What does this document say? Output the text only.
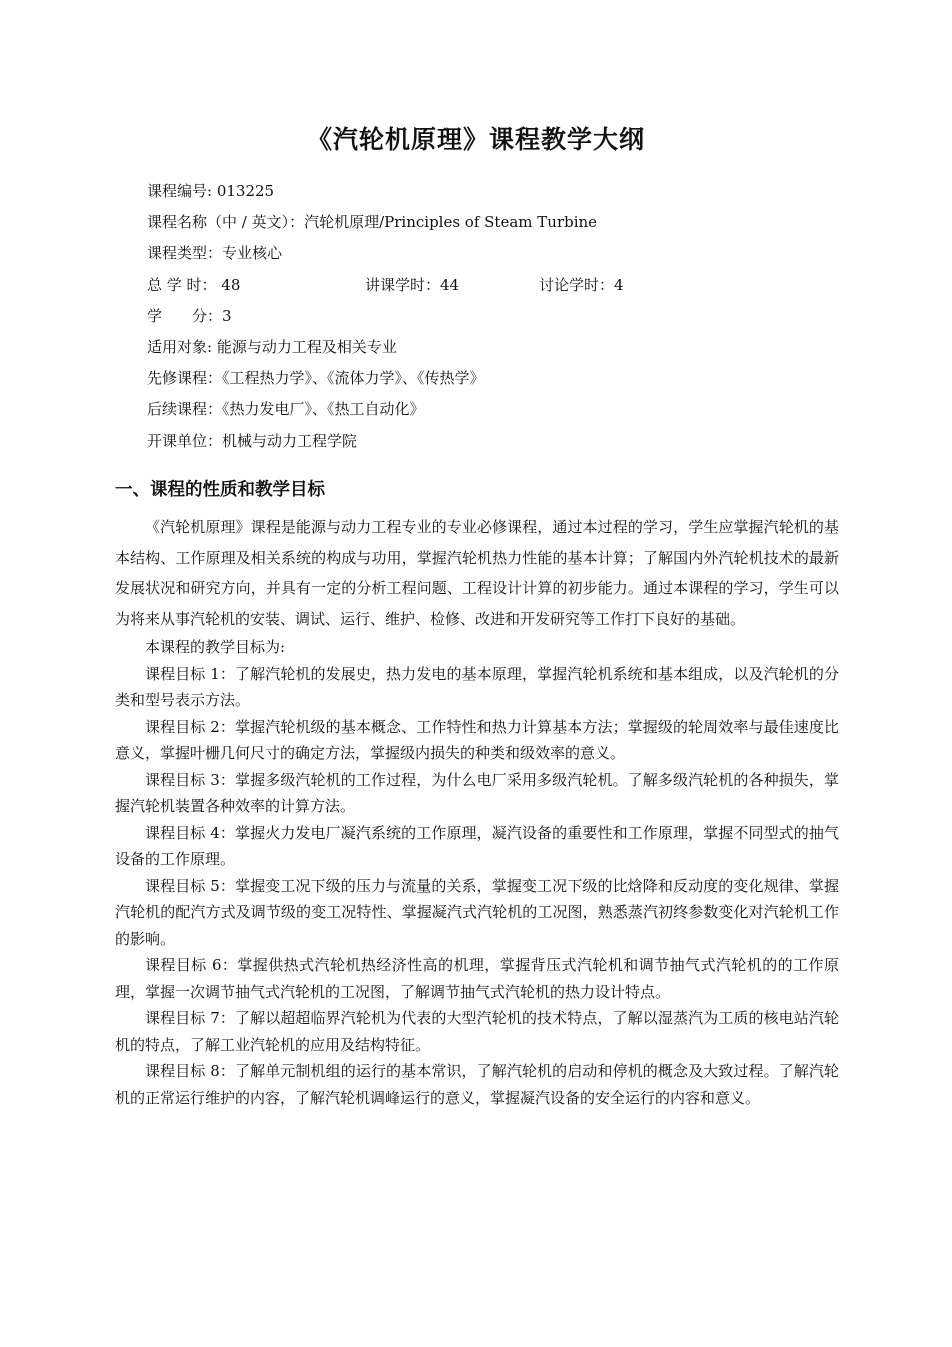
《汽轮机原理》课程教学大纲
课程编号: 013225
课程名称（中 / 英文）：汽轮机原理/Principles of Steam Turbine
课程类型：专业核心
总 学 时： 48	讲课学时：44	讨论学时：4
学　　分：3
适用对象: 能源与动力工程及相关专业
先修课程：《工程热力学》、《流体力学》、《传热学》
后续课程：《热力发电厂》、《热工自动化》
开课单位：机械与动力工程学院
一、课程的性质和教学目标

《汽轮机原理》课程是能源与动力工程专业的专业必修课程，通过本过程的学习，学生应掌握汽轮机的基本结构、工作原理及相关系统的构成与功用，掌握汽轮机热力性能的基本计算；了解国内外汽轮机技术的最新发展状况和研究方向，并具有一定的分析工程问题、工程设计计算的初步能力。通过本课程的学习，学生可以为将来从事汽轮机的安装、调试、运行、维护、检修、改进和开发研究等工作打下良好的基础。

本课程的教学目标为:

课程目标 1：了解汽轮机的发展史，热力发电的基本原理，掌握汽轮机系统和基本组成，以及汽轮机的分类和型号表示方法。

课程目标 2：掌握汽轮机级的基本概念、工作特性和热力计算基本方法；掌握级的轮周效率与最佳速度比意义，掌握叶栅几何尺寸的确定方法，掌握级内损失的种类和级效率的意义。

课程目标 3：掌握多级汽轮机的工作过程，为什么电厂采用多级汽轮机。了解多级汽轮机的各种损失，掌握汽轮机装置各种效率的计算方法。

课程目标 4：掌握火力发电厂凝汽系统的工作原理，凝汽设备的重要性和工作原理，掌握不同型式的抽气设备的工作原理。

课程目标 5：掌握变工况下级的压力与流量的关系，掌握变工况下级的比焓降和反动度的变化规律、掌握汽轮机的配汽方式及调节级的变工况特性、掌握凝汽式汽轮机的工况图，熟悉蒸汽初终参数变化对汽轮机工作的影响。

课程目标 6：掌握供热式汽轮机热经济性高的机理，掌握背压式汽轮机和调节抽气式汽轮机的的工作原理，掌握一次调节抽气式汽轮机的工况图，了解调节抽气式汽轮机的热力设计特点。

课程目标 7：了解以超超临界汽轮机为代表的大型汽轮机的技术特点，了解以湿蒸汽为工质的核电站汽轮机的特点，了解工业汽轮机的应用及结构特征。

课程目标 8：了解单元制机组的运行的基本常识，了解汽轮机的启动和停机的概念及大致过程。了解汽轮机的正常运行维护的内容，了解汽轮机调峰运行的意义，掌握凝汽设备的安全运行的内容和意义。
